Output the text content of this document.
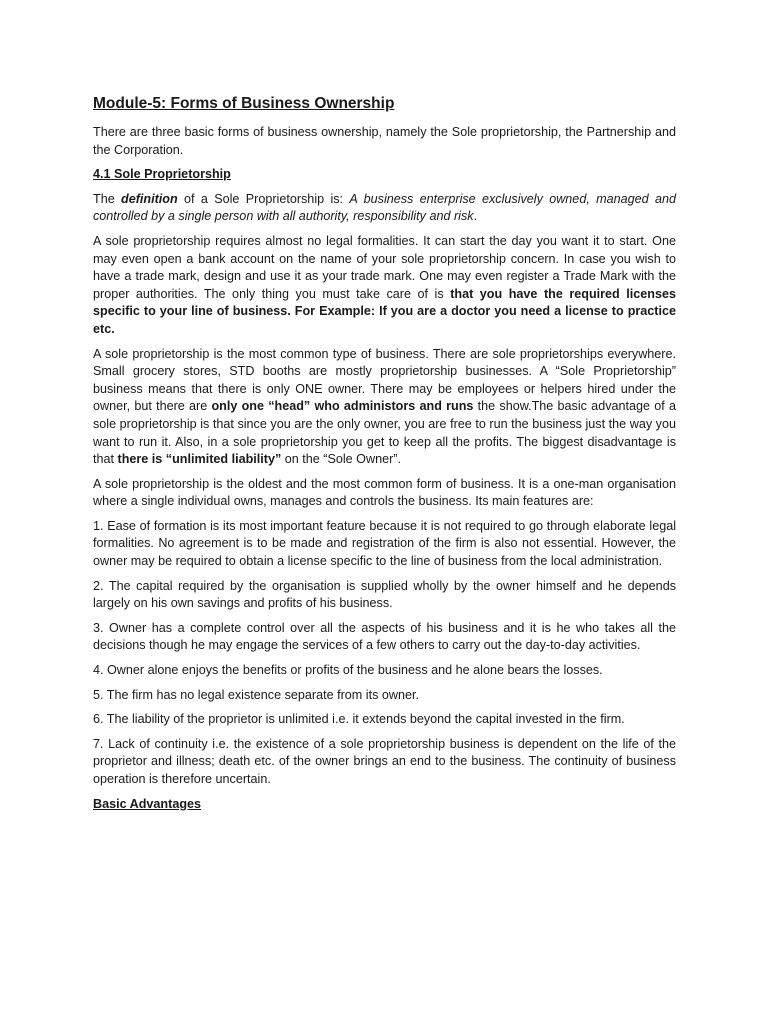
Module-5: Forms of Business Ownership

There are three basic forms of business ownership, namely the Sole proprietorship, the Partnership and the Corporation.

4.1 Sole Proprietorship

The definition of a Sole Proprietorship is: A business enterprise exclusively owned, managed and controlled by a single person with all authority, responsibility and risk.

A sole proprietorship requires almost no legal formalities. It can start the day you want it to start. One may even open a bank account on the name of your sole proprietorship concern. In case you wish to have a trade mark, design and use it as your trade mark. One may even register a Trade Mark with the proper authorities. The only thing you must take care of is that you have the required licenses specific to your line of business. For Example: If you are a doctor you need a license to practice etc.

A sole proprietorship is the most common type of business. There are sole proprietorships everywhere. Small grocery stores, STD booths are mostly proprietorship businesses. A “Sole Proprietorship” business means that there is only ONE owner. There may be employees or helpers hired under the owner, but there are only one “head” who administors and runs the show.The basic advantage of a sole proprietorship is that since you are the only owner, you are free to run the business just the way you want to run it. Also, in a sole proprietorship you get to keep all the profits. The biggest disadvantage is that there is “unlimited liability” on the “Sole Owner”.

A sole proprietorship is the oldest and the most common form of business. It is a one-man organisation where a single individual owns, manages and controls the business. Its main features are:

1. Ease of formation is its most important feature because it is not required to go through elaborate legal formalities. No agreement is to be made and registration of the firm is also not essential. However, the owner may be required to obtain a license specific to the line of business from the local administration.

2. The capital required by the organisation is supplied wholly by the owner himself and he depends largely on his own savings and profits of his business.

3. Owner has a complete control over all the aspects of his business and it is he who takes all the decisions though he may engage the services of a few others to carry out the day-to-day activities.

4. Owner alone enjoys the benefits or profits of the business and he alone bears the losses.

5. The firm has no legal existence separate from its owner.

6. The liability of the proprietor is unlimited i.e. it extends beyond the capital invested in the firm.

7. Lack of continuity i.e. the existence of a sole proprietorship business is dependent on the life of the proprietor and illness; death etc. of the owner brings an end to the business. The continuity of business operation is therefore uncertain.

Basic Advantages
